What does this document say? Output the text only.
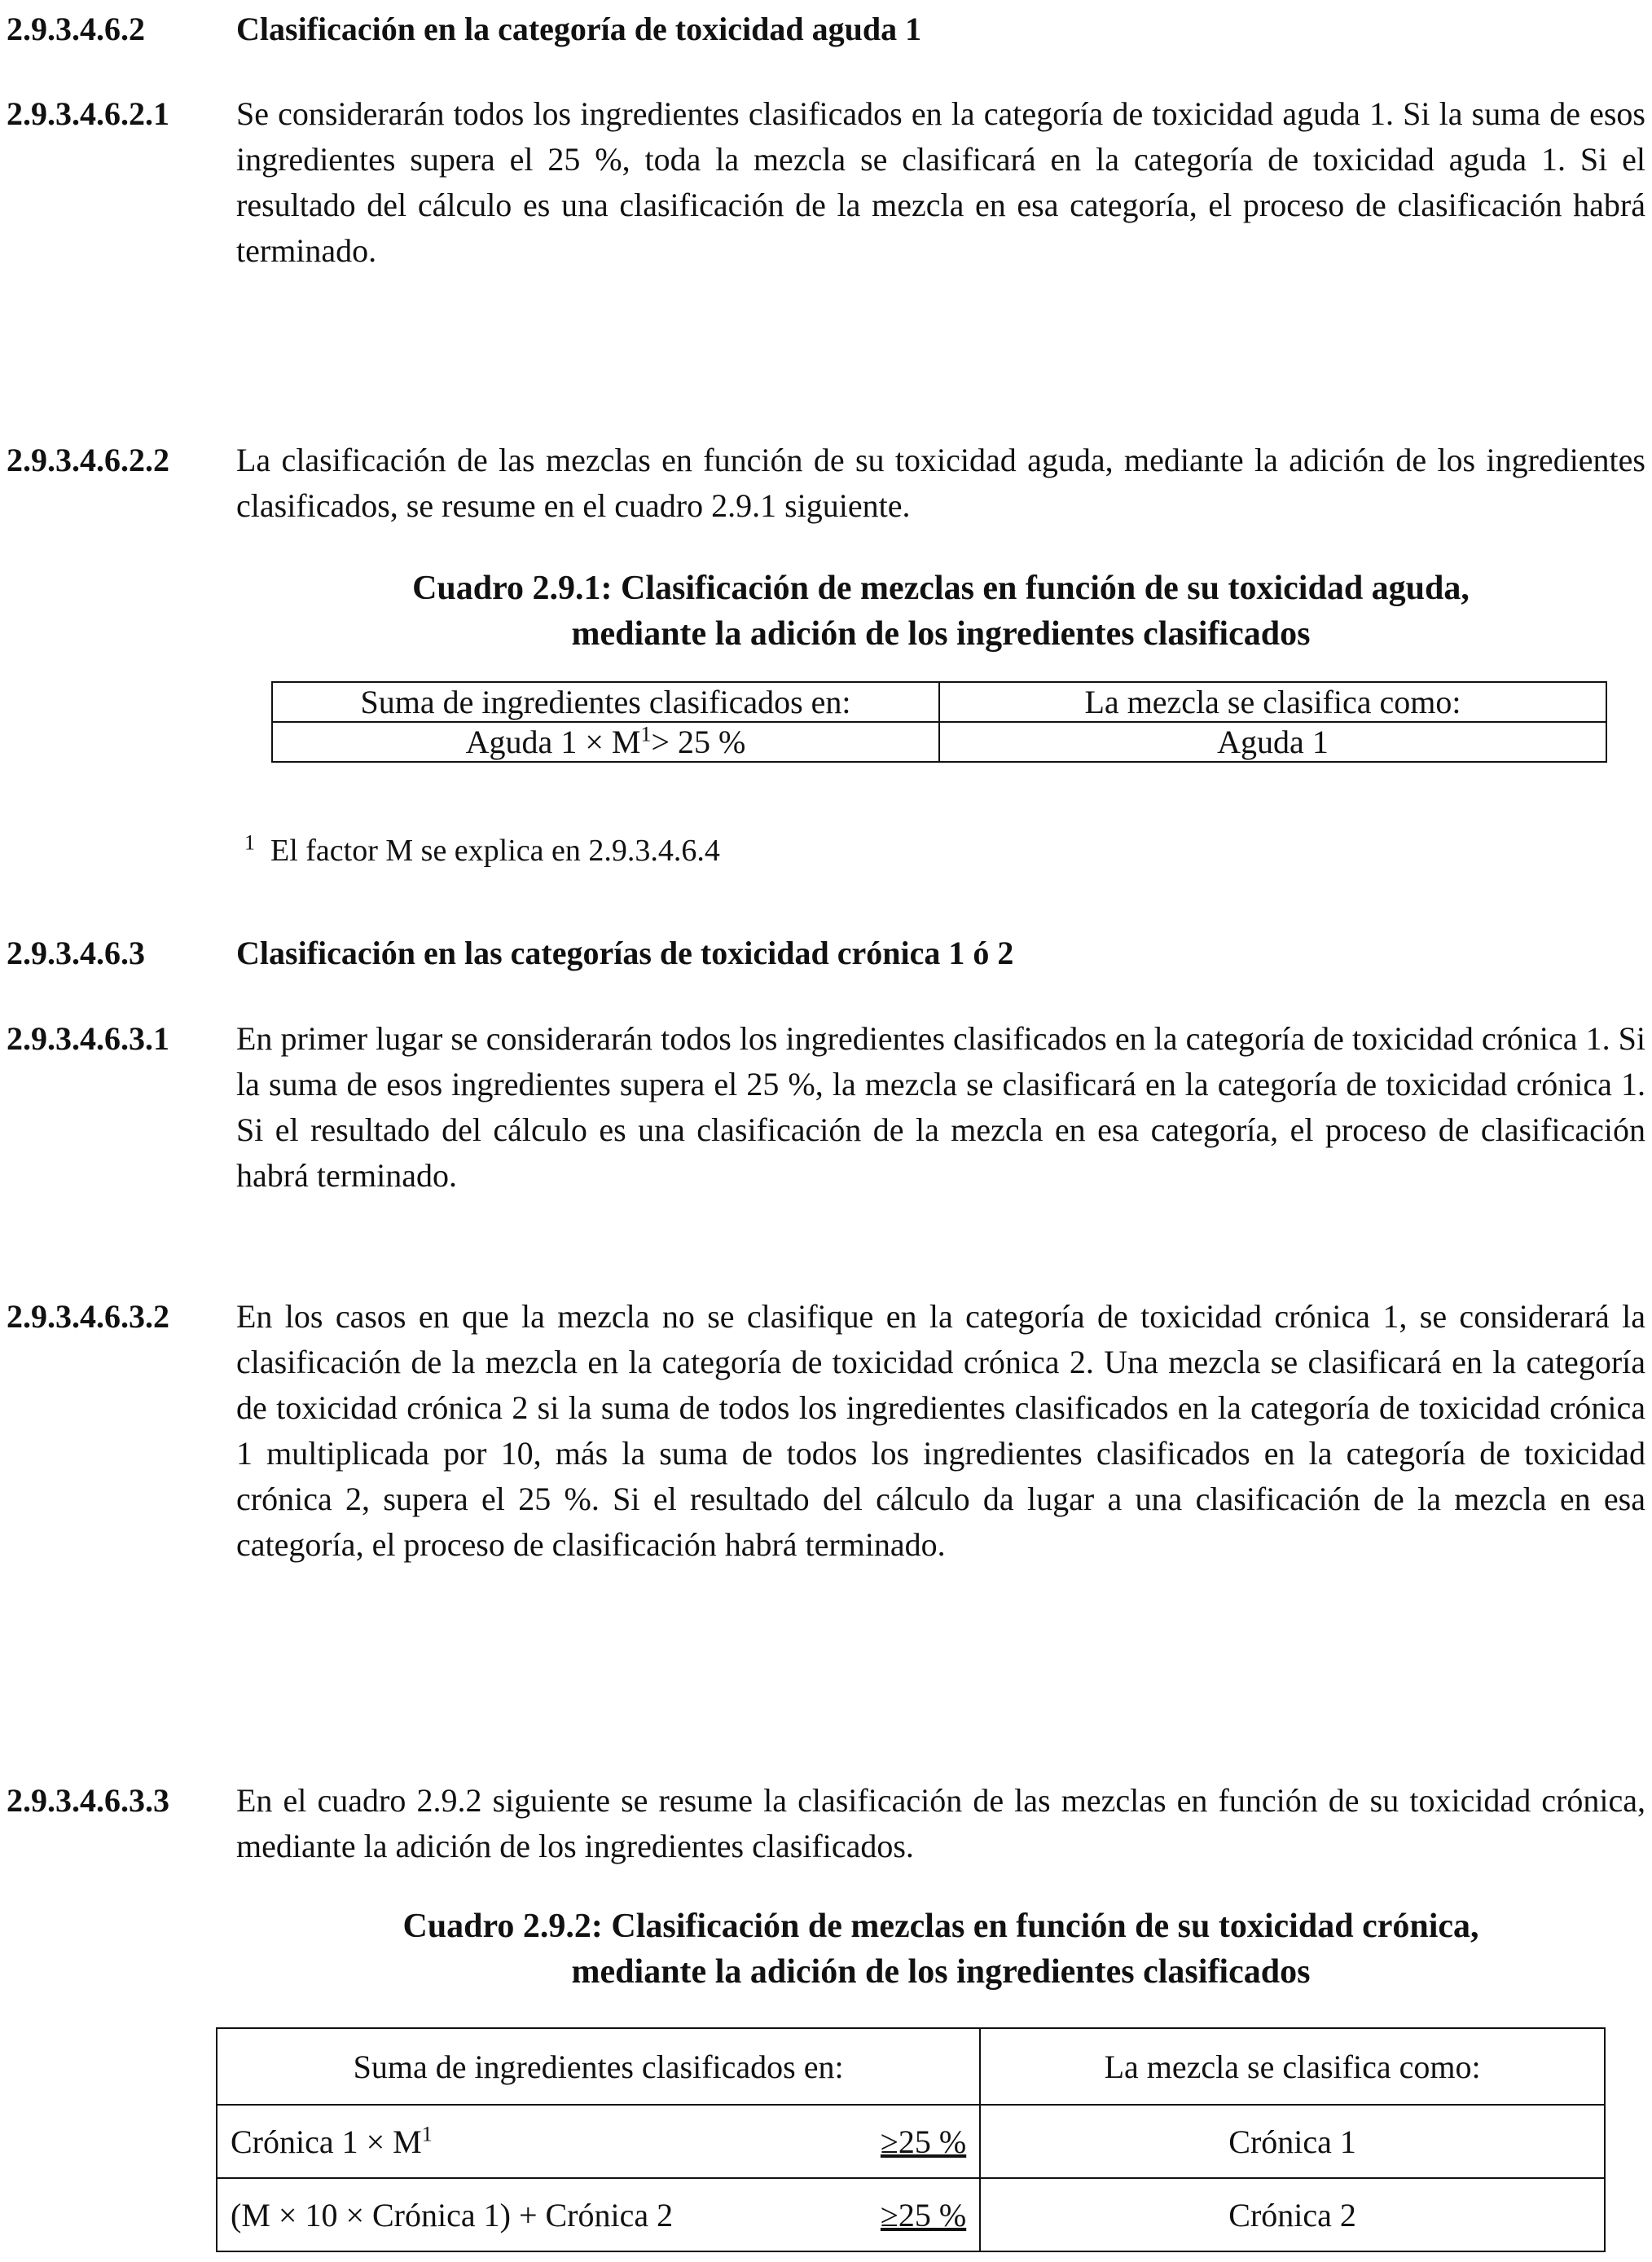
2.9.3.4.6.2	Clasificación en la categoría de toxicidad aguda 1
2.9.3.4.6.2.1 Se considerarán todos los ingredientes clasificados en la categoría de toxicidad aguda 1. Si la suma de esos ingredientes supera el 25 %, toda la mezcla se clasificará en la categoría de toxicidad aguda 1. Si el resultado del cálculo es una clasificación de la mezcla en esa categoría, el proceso de clasificación habrá terminado.
2.9.3.4.6.2.2 La clasificación de las mezclas en función de su toxicidad aguda, mediante la adición de los ingredientes clasificados, se resume en el cuadro 2.9.1 siguiente.
Cuadro 2.9.1: Clasificación de mezclas en función de su toxicidad aguda,
mediante la adición de los ingredientes clasificados
Suma de ingredientes clasificados en:	La mezcla se clasifica como:
Aguda $1 \times M^1> 25$ %	Aguda 1
$^1$ El factor M se explica en 2.9.3.4.6.4
2.9.3.4.6.3	Clasificación en las categorías de toxicidad crónica 1 ó 2
2.9.3.4.6.3.1 En primer lugar se considerarán todos los ingredientes clasificados en la categoría de toxicidad crónica 1. Si la suma de esos ingredientes supera el 25 %, la mezcla se clasificará en la categoría de toxicidad crónica 1. Si el resultado del cálculo es una clasificación de la mezcla en esa categoría, el proceso de clasificación habrá terminado.
2.9.3.4.6.3.2 En los casos en que la mezcla no se clasifique en la categoría de toxicidad crónica 1, se considerará la clasificación de la mezcla en la categoría de toxicidad crónica 2. Una mezcla se clasificará en la categoría de toxicidad crónica 2 si la suma de todos los ingredientes clasificados en la categoría de toxicidad crónica 1 multiplicada por 10, más la suma de todos los ingredientes clasificados en la categoría de toxicidad crónica 2, supera el 25 %. Si el resultado del cálculo da lugar a una clasificación de la mezcla en esa categoría, el proceso de clasificación habrá terminado.
2.9.3.4.6.3.3 En el cuadro 2.9.2 siguiente se resume la clasificación de las mezclas en función de su toxicidad crónica, mediante la adición de los ingredientes clasificados.
Cuadro 2.9.2: Clasificación de mezclas en función de su toxicidad crónica,
mediante la adición de los ingredientes clasificados
Suma de ingredientes clasificados en:	La mezcla se clasifica como:

Crónica $1 \times M^1 \ge 25$ %	Crónica 1

(M × 10 × Crónica 1) + Crónica 2 ≥25 %	Crónica 2
